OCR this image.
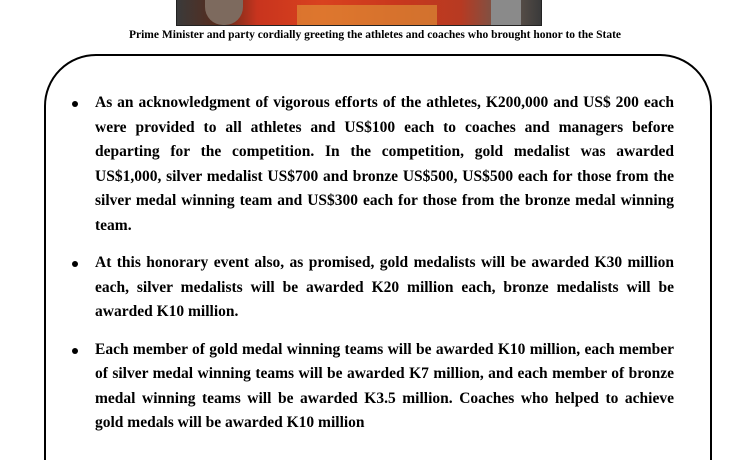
Prime Minister and party cordially greeting the athletes and coaches who brought honor to the State
As an acknowledgment of vigorous efforts of the athletes, K200,000 and US$ 200 each were provided to all athletes and US$100 each to coaches and managers before departing for the competition. In the competition, gold medalist was awarded US$1,000, silver medalist US$700 and bronze US$500, US$500 each for those from the silver medal winning team and US$300 each for those from the bronze medal winning team.
At this honorary event also, as promised, gold medalists will be awarded K30 million each, silver medalists will be awarded K20 million each, bronze medalists will be awarded K10 million.
Each member of gold medal winning teams will be awarded K10 million, each member of silver medal winning teams will be awarded K7 million, and each member of bronze medal winning teams will be awarded K3.5 million. Coaches who helped to achieve gold medals will be awarded K10 million
